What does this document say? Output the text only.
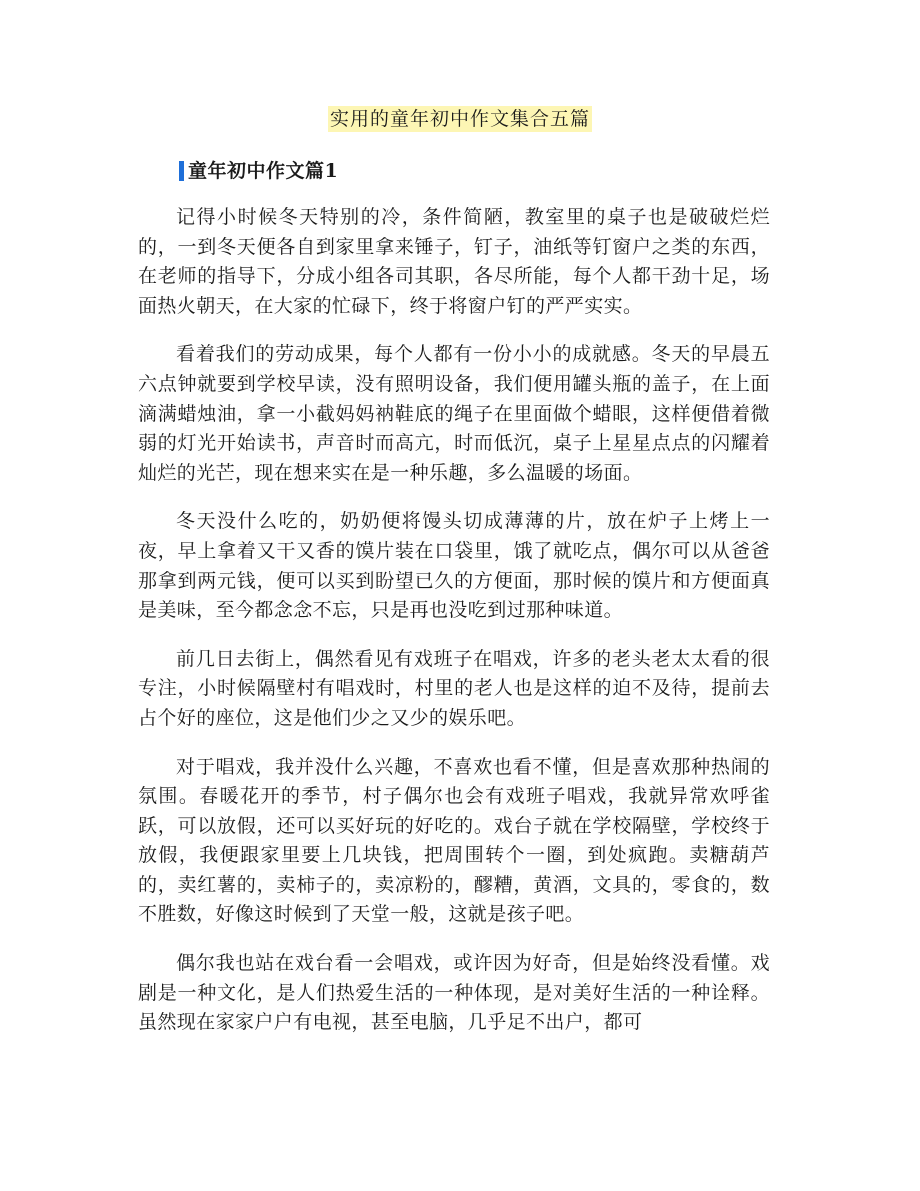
实用的童年初中作文集合五篇
童年初中作文篇1

记得小时候冬天特别的冷，条件简陋，教室里的桌子也是破破烂烂的，一到冬天便各自到家里拿来锤子，钉子，油纸等钉窗户之类的东西，在老师的指导下，分成小组各司其职，各尽所能，每个人都干劲十足，场面热火朝天，在大家的忙碌下，终于将窗户钉的严严实实。

看着我们的劳动成果，每个人都有一份小小的成就感。冬天的早晨五六点钟就要到学校早读，没有照明设备，我们便用罐头瓶的盖子，在上面滴满蜡烛油，拿一小截妈妈衲鞋底的绳子在里面做个蜡眼，这样便借着微弱的灯光开始读书，声音时而高亢，时而低沉，桌子上星星点点的闪耀着灿烂的光芒，现在想来实在是一种乐趣，多么温暖的场面。

冬天没什么吃的，奶奶便将馒头切成薄薄的片，放在炉子上烤上一夜，早上拿着又干又香的馍片装在口袋里，饿了就吃点，偶尔可以从爸爸那拿到两元钱，便可以买到盼望已久的方便面，那时候的馍片和方便面真是美味，至今都念念不忘，只是再也没吃到过那种味道。

前几日去街上，偶然看见有戏班子在唱戏，许多的老头老太太看的很专注，小时候隔壁村有唱戏时，村里的老人也是这样的迫不及待，提前去占个好的座位，这是他们少之又少的娱乐吧。

对于唱戏，我并没什么兴趣，不喜欢也看不懂，但是喜欢那种热闹的氛围。春暖花开的季节，村子偶尔也会有戏班子唱戏，我就异常欢呼雀跃，可以放假，还可以买好玩的好吃的。戏台子就在学校隔壁，学校终于放假，我便跟家里要上几块钱，把周围转个一圈，到处疯跑。卖糖葫芦的，卖红薯的，卖柿子的，卖凉粉的，醪糟，黄酒，文具的，零食的，数不胜数，好像这时候到了天堂一般，这就是孩子吧。

偶尔我也站在戏台看一会唱戏，或许因为好奇，但是始终没看懂。戏剧是一种文化，是人们热爱生活的一种体现，是对美好生活的一种诠释。虽然现在家家户户有电视，甚至电脑，几乎足不出户，都可
